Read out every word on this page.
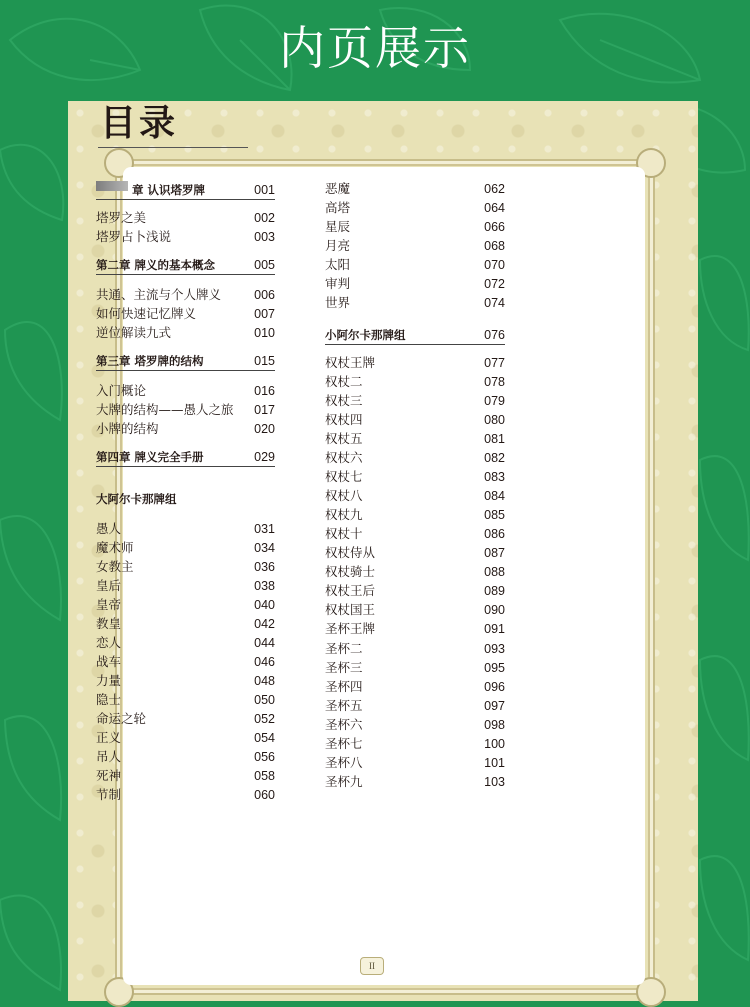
内页展示
目录
章 认识塔罗牌	001
塔罗之美	002
塔罗占卜浅说	003
第二章 牌义的基本概念	005
共通、主流与个人牌义	006
如何快速记忆牌义	007
逆位解读九式	010
第三章 塔罗牌的结构	015
入门概论	016
大牌的结构——愚人之旅 017
小牌的结构	020
第四章 牌义完全手册	029
大阿尔卡那牌组
愚人	031
魔术师	034
女教主	036
皇后	038
皇帝	040
教皇	042
恋人	044
战车	046
力量	048
隐士	050
命运之轮	052
正义	054
吊人	056
死神	058
节制	060
恶魔	062
高塔	064
星辰	066
月亮	068
太阳	070
审判	072
世界	074
小阿尔卡那牌组	076
权杖王牌	077
权杖二	078
权杖三	079
权杖四	080
权杖五	081
权杖六	082
权杖七	083
权杖八	084
权杖九	085
权杖十	086
权杖侍从	087
权杖骑士	088
权杖王后	089
权杖国王	090
圣杯王牌	091
圣杯二	093
圣杯三	095
圣杯四	096
圣杯五	097
圣杯六	098
圣杯七	100
圣杯八	101
圣杯九	103
II
